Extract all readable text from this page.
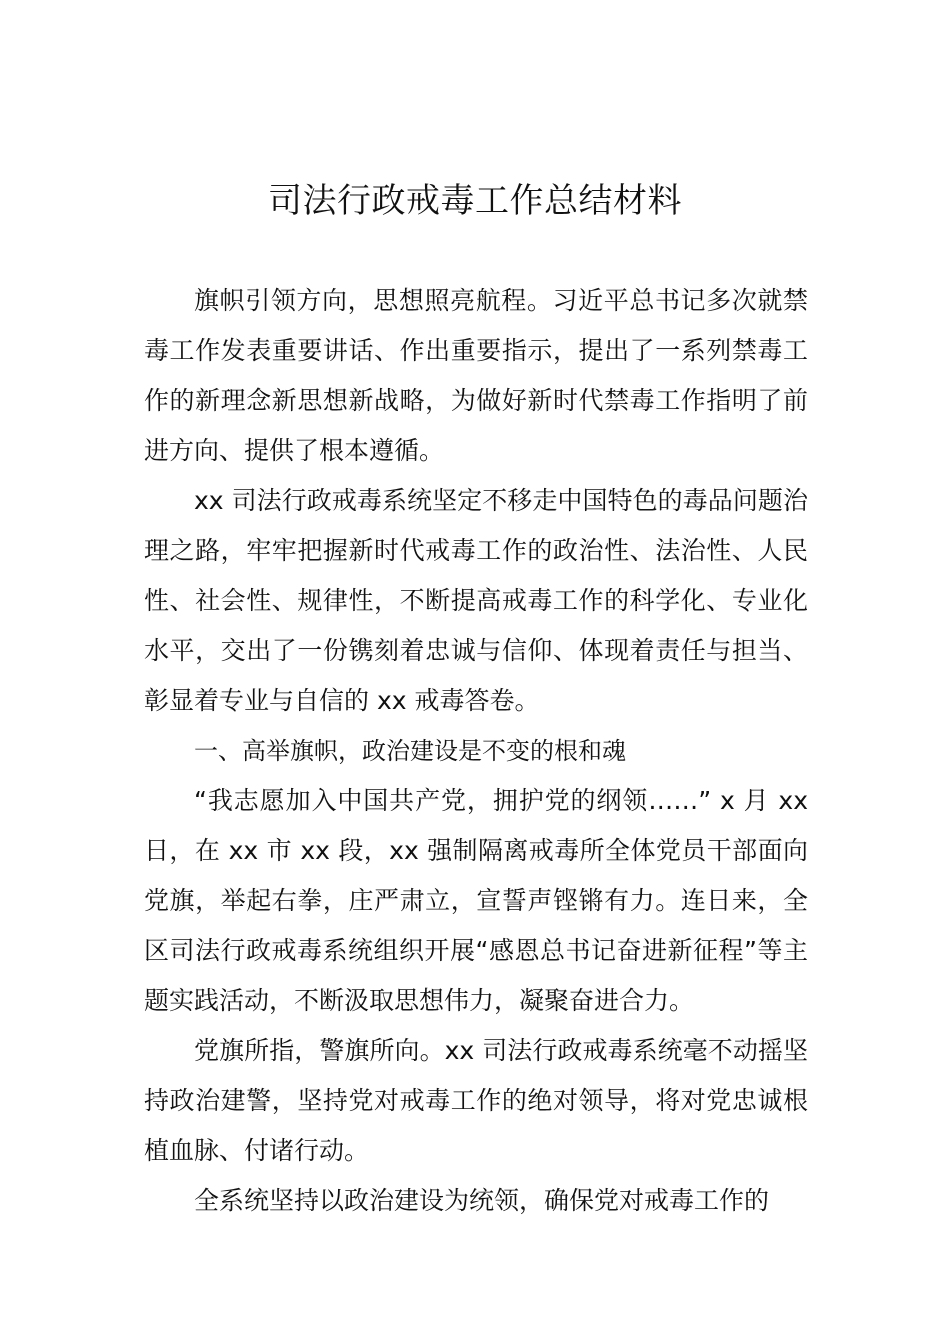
司法行政戒毒工作总结材料

旗帜引领方向，思想照亮航程。习近平总书记多次就禁毒工作发表重要讲话、作出重要指示，提出了一系列禁毒工作的新理念新思想新战略，为做好新时代禁毒工作指明了前进方向、提供了根本遵循。

xx 司法行政戒毒系统坚定不移走中国特色的毒品问题治理之路，牢牢把握新时代戒毒工作的政治性、法治性、人民性、社会性、规律性，不断提高戒毒工作的科学化、专业化水平，交出了一份镌刻着忠诚与信仰、体现着责任与担当、彰显着专业与自信的 xx 戒毒答卷。

一、高举旗帜，政治建设是不变的根和魂

“我志愿加入中国共产党，拥护党的纲领……” x 月 xx 日，在 xx 市 xx 段，xx 强制隔离戒毒所全体党员干部面向党旗，举起右拳，庄严肃立，宣誓声铿锵有力。连日来，全区司法行政戒毒系统组织开展“感恩总书记奋进新征程”等主题实践活动，不断汲取思想伟力，凝聚奋进合力。

党旗所指，警旗所向。xx 司法行政戒毒系统毫不动摇坚持政治建警，坚持党对戒毒工作的绝对领导，将对党忠诚根植血脉、付诸行动。

全系统坚持以政治建设为统领，确保党对戒毒工作的
